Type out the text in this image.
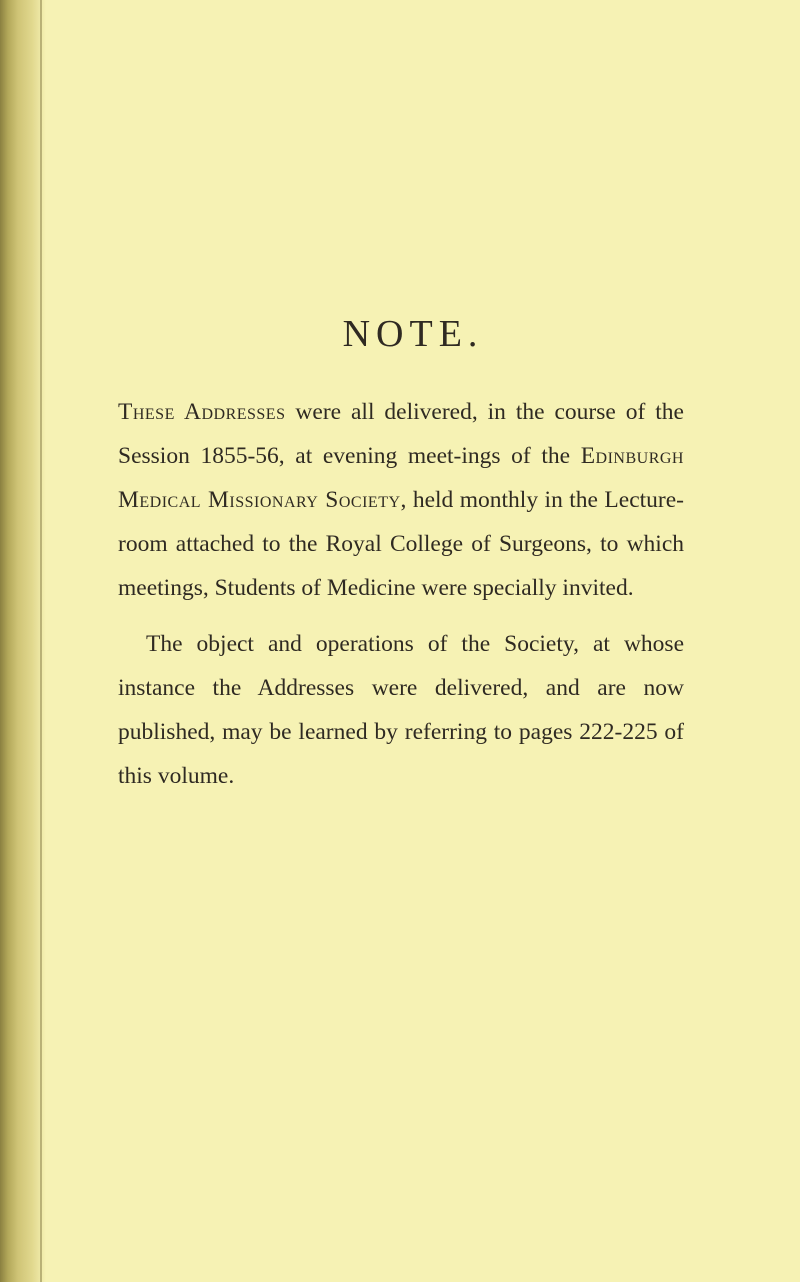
NOTE.

These Addresses were all delivered, in the course of the Session 1855-56, at evening meet-ings of the Edinburgh Medical Missionary Society, held monthly in the Lecture-room attached to the Royal College of Surgeons, to which meetings, Students of Medicine were specially invited.

The object and operations of the Society, at whose instance the Addresses were delivered, and are now published, may be learned by referring to pages 222-225 of this volume.
